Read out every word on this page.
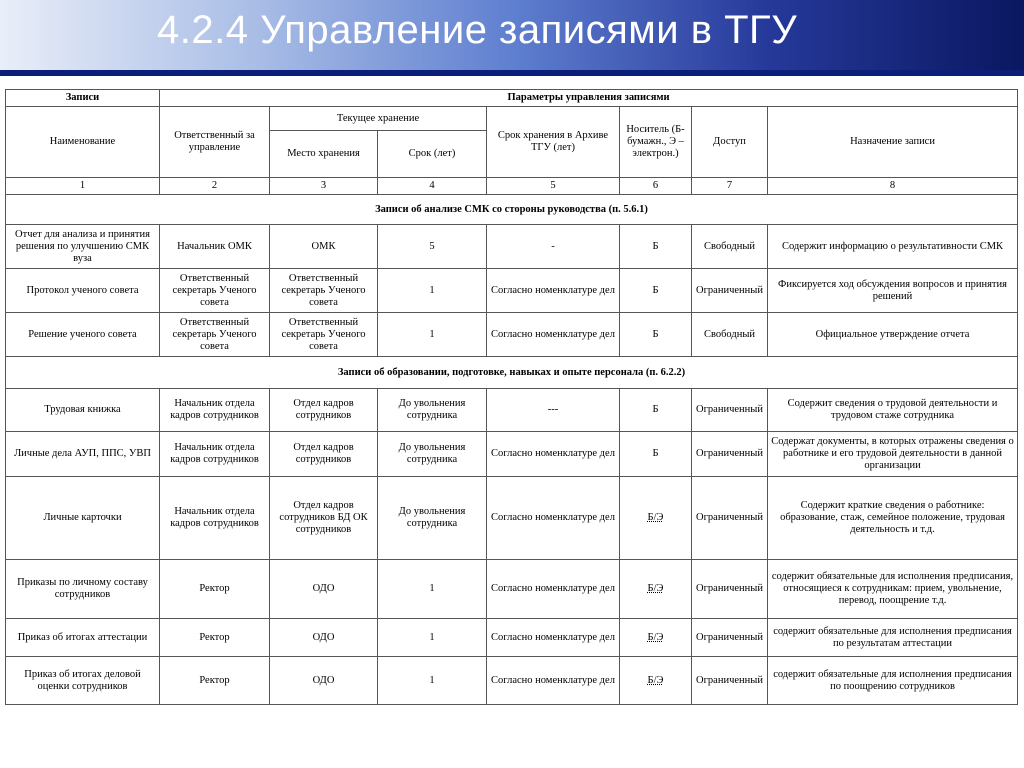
4.2.4 Управление записями в ТГУ
Записи	Параметры управления записями						
Наименование	Ответственный за управление	Текущее хранение		Срок хранения в Архиве ТГУ (лет)	Носитель (Б-бумажн., Э – электрон.)	Доступ	Назначение записи
		Место хранения	Срок (лет)				
1	2	3	4	5	6	7	8
Записи об анализе СМК со стороны руководства (п. 5.6.1)							
Отчет для анализа и принятия решения по улучшению СМК вуза	Начальник ОМК	ОМК	5	-	Б	Свободный	Содержит информацию о результативности СМК
Протокол ученого совета	Ответственный секретарь Ученого совета	Ответственный секретарь Ученого совета	1	Согласно номенклатуре дел	Б	Ограниченный	Фиксируется ход обсуждения вопросов и принятия решений
Решение ученого совета	Ответственный секретарь Ученого совета	Ответственный секретарь Ученого совета	1	Согласно номенклатуре дел	Б	Свободный	Официальное утверждение отчета
Записи об образовании, подготовке, навыках и опыте персонала (п. 6.2.2)							
Трудовая книжка	Начальник отдела кадров сотрудников	Отдел кадров сотрудников	До увольнения сотрудника	---	Б	Ограниченный	Содержит сведения о трудовой деятельности и трудовом стаже сотрудника
Личные дела АУП, ППС, УВП	Начальник отдела кадров сотрудников	Отдел кадров сотрудников	До увольнения сотрудника	Согласно номенклатуре дел	Б	Ограниченный	Содержат документы, в которых отражены сведения о работнике и его трудовой деятельности в данной организации
Личные карточки	Начальник отдела кадров сотрудников	Отдел кадров сотрудников БД ОК сотрудников	До увольнения сотрудника	Согласно номенклатуре дел	Б/Э	Ограниченный	Содержит краткие сведения о работнике: образование, стаж, семейное положение, трудовая деятельность и т.д.
Приказы по личному составу сотрудников	Ректор	ОДО	1	Согласно номенклатуре дел	Б/Э	Ограниченный	содержит обязательные для исполнения предписания, относящиеся к сотрудникам: прием, увольнение, перевод, поощрение т.д.
Приказ об итогах аттестации	Ректор	ОДО	1	Согласно номенклатуре дел	Б/Э	Ограниченный	содержит обязательные для исполнения предписания по результатам аттестации
Приказ об итогах деловой оценки сотрудников	Ректор	ОДО	1	Согласно номенклатуре дел	Б/Э	Ограниченный	содержит обязательные для исполнения предписания по поощрению сотрудников
